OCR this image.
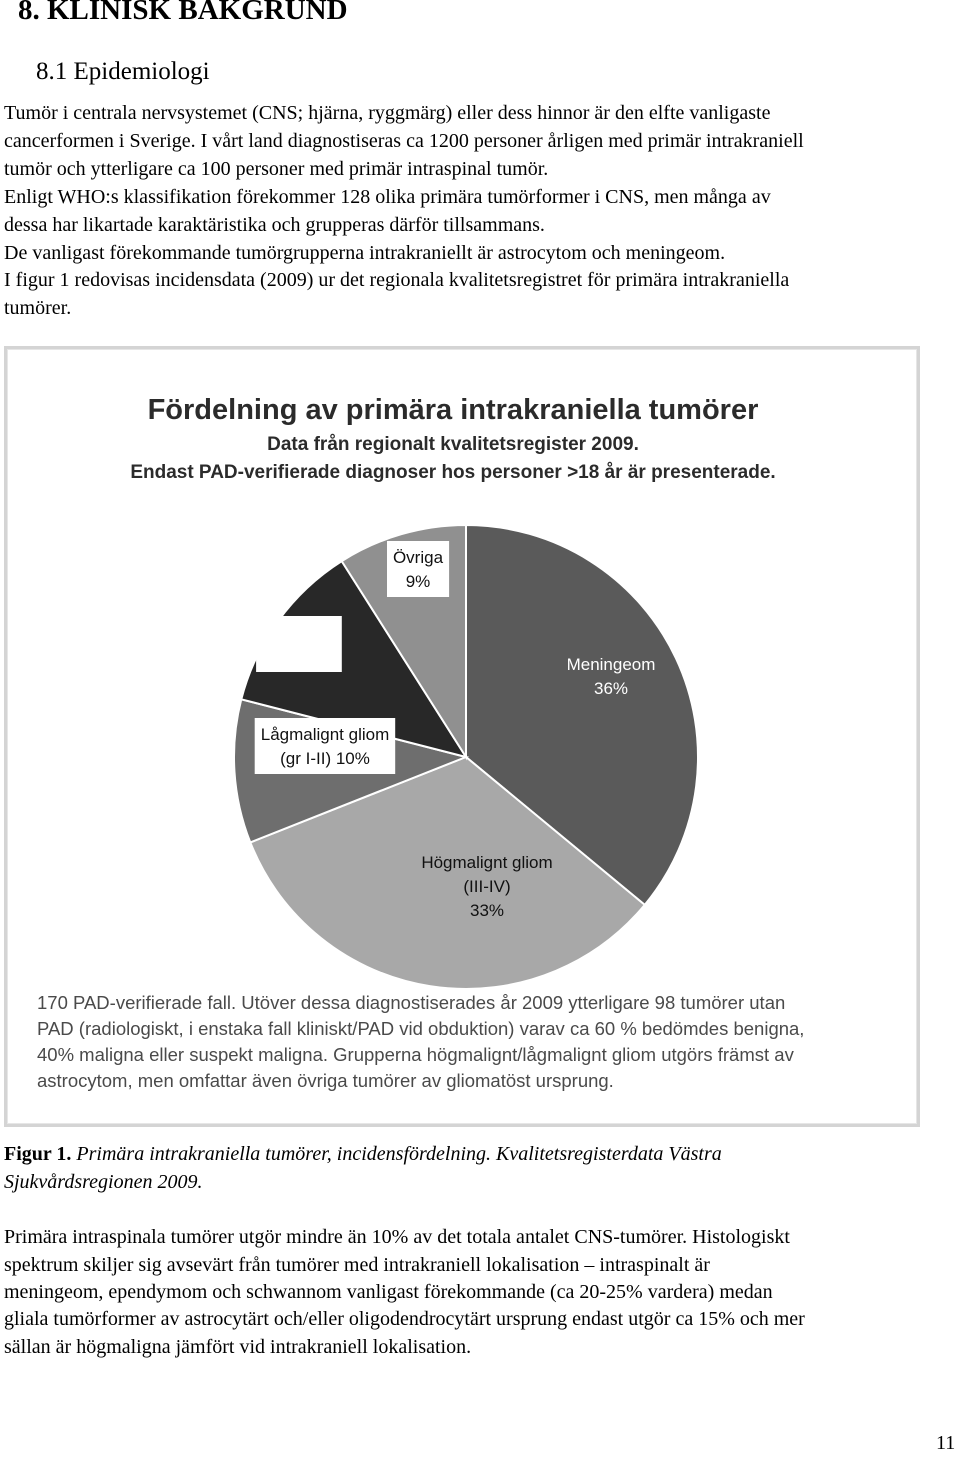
8. KLINISK BAKGRUND
8.1 Epidemiologi
Tumör i centrala nervsystemet (CNS; hjärna, ryggmärg) eller dess hinnor är den elfte vanligaste
cancerformen i Sverige. I vårt land diagnostiseras ca 1200 personer årligen med primär intrakraniell
tumör och ytterligare ca 100 personer med primär intraspinal tumör.
Enligt WHO:s klassifikation förekommer 128 olika primära tumörformer i CNS, men många av
dessa har likartade karaktäristika och grupperas därför tillsammans.
De vanligast förekommande tumörgrupperna intrakraniellt är astrocytom och meningeom.
I figur 1 redovisas incidensdata (2009) ur det regionala kvalitetsregistret för primära intrakraniella
tumörer.
Fördelning av primära intrakraniella tumörer
Data från regionalt kvalitetsregister 2009.
Endast PAD-verifierade diagnoser hos personer >18 år är presenterade.
Meningeom
36%
Högmalignt gliom
(III-IV)
33%
Lågmalignt gliom
(gr I-II) 10%
Neurinom
12%
Övriga
9%
170 PAD-verifierade fall. Utöver dessa diagnostiserades år 2009 ytterligare 98 tumörer utan
PAD (radiologiskt, i enstaka fall kliniskt/PAD vid obduktion) varav ca 60 % bedömdes benigna,
40% maligna eller suspekt maligna. Grupperna högmalignt/lågmalignt gliom utgörs främst av
astrocytom, men omfattar även övriga tumörer av gliomatöst ursprung.
Figur 1. Primära intrakraniella tumörer, incidensfördelning. Kvalitetsregisterdata Västra
Sjukvårdsregionen 2009.
Primära intraspinala tumörer utgör mindre än 10% av det totala antalet CNS-tumörer. Histologiskt
spektrum skiljer sig avsevärt från tumörer med intrakraniell lokalisation – intraspinalt är
meningeom, ependymom och schwannom vanligast förekommande (ca 20-25% vardera) medan
gliala tumörformer av astrocytärt och/eller oligodendrocytärt ursprung endast utgör ca 15% och mer
sällan är högmaligna jämfört vid intrakraniell lokalisation.
11
